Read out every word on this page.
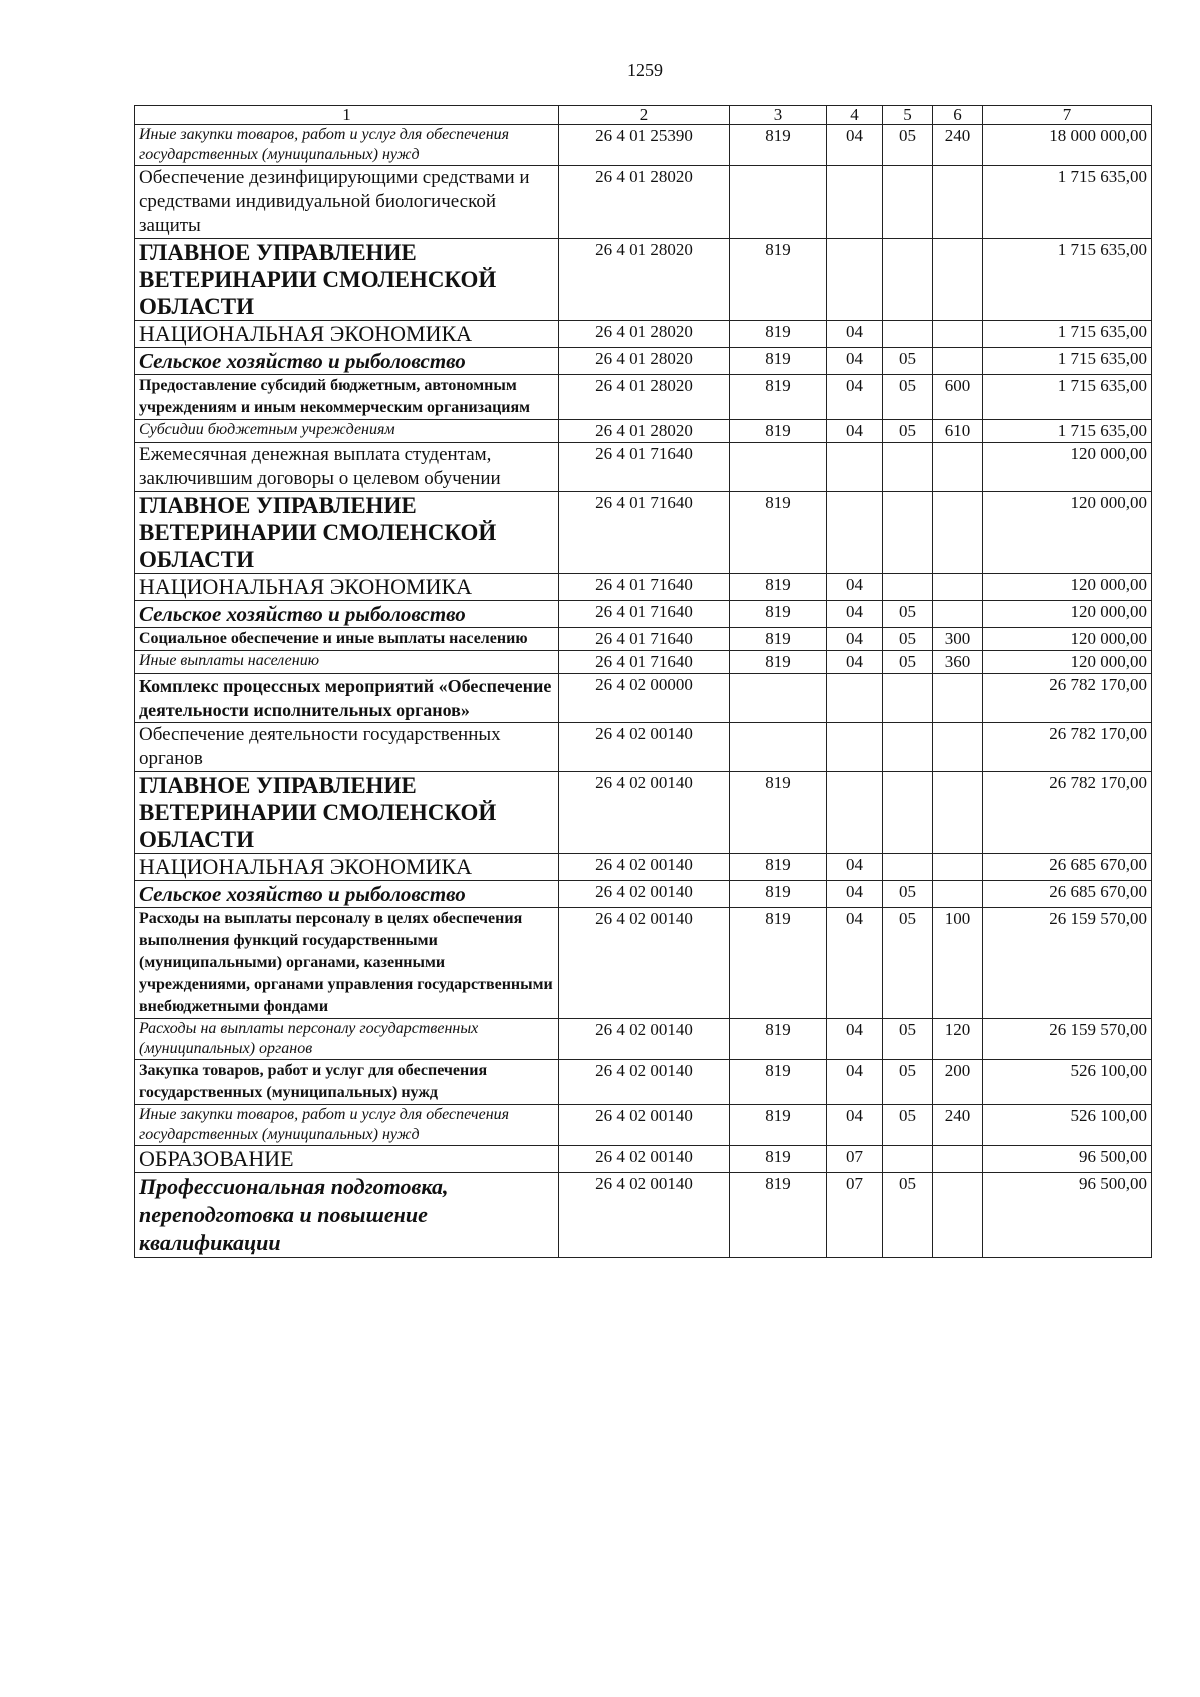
1259
1	2	3	4	5	6	7
Иные закупки товаров, работ и услуг для обеспечения государственных (муниципальных) нужд	26 4 01 25390	819	04	05	240	18 000 000,00
Обеспечение дезинфицирующими средствами и средствами индивидуальной биологической защиты	26 4 01 28020					1 715 635,00
ГЛАВНОЕ УПРАВЛЕНИЕ ВЕТЕРИНАРИИ СМОЛЕНСКОЙ ОБЛАСТИ	26 4 01 28020	819				1 715 635,00
НАЦИОНАЛЬНАЯ ЭКОНОМИКА	26 4 01 28020	819	04			1 715 635,00
Сельское хозяйство и рыболовство	26 4 01 28020	819	04	05		1 715 635,00
Предоставление субсидий бюджетным, автономным учреждениям и иным некоммерческим организациям	26 4 01 28020	819	04	05	600	1 715 635,00
Субсидии бюджетным учреждениям	26 4 01 28020	819	04	05	610	1 715 635,00
Ежемесячная денежная выплата студентам, заключившим договоры о целевом обучении	26 4 01 71640					120 000,00
ГЛАВНОЕ УПРАВЛЕНИЕ ВЕТЕРИНАРИИ СМОЛЕНСКОЙ ОБЛАСТИ	26 4 01 71640	819				120 000,00
НАЦИОНАЛЬНАЯ ЭКОНОМИКА	26 4 01 71640	819	04			120 000,00
Сельское хозяйство и рыболовство	26 4 01 71640	819	04	05		120 000,00
Социальное обеспечение и иные выплаты населению	26 4 01 71640	819	04	05	300	120 000,00
Иные выплаты населению	26 4 01 71640	819	04	05	360	120 000,00
Комплекс процессных мероприятий «Обеспечение деятельности исполнительных органов»	26 4 02 00000					26 782 170,00
Обеспечение деятельности государственных органов	26 4 02 00140					26 782 170,00
ГЛАВНОЕ УПРАВЛЕНИЕ ВЕТЕРИНАРИИ СМОЛЕНСКОЙ ОБЛАСТИ	26 4 02 00140	819				26 782 170,00
НАЦИОНАЛЬНАЯ ЭКОНОМИКА	26 4 02 00140	819	04			26 685 670,00
Сельское хозяйство и рыболовство	26 4 02 00140	819	04	05		26 685 670,00
Расходы на выплаты персоналу в целях обеспечения выполнения функций государственными (муниципальными) органами, казенными учреждениями, органами управления государственными внебюджетными фондами	26 4 02 00140	819	04	05	100	26 159 570,00
Расходы на выплаты персоналу государственных (муниципальных) органов	26 4 02 00140	819	04	05	120	26 159 570,00
Закупка товаров, работ и услуг для обеспечения государственных (муниципальных) нужд	26 4 02 00140	819	04	05	200	526 100,00
Иные закупки товаров, работ и услуг для обеспечения государственных (муниципальных) нужд	26 4 02 00140	819	04	05	240	526 100,00
ОБРАЗОВАНИЕ	26 4 02 00140	819	07			96 500,00
Профессиональная подготовка, переподготовка и повышение квалификации	26 4 02 00140	819	07	05		96 500,00
